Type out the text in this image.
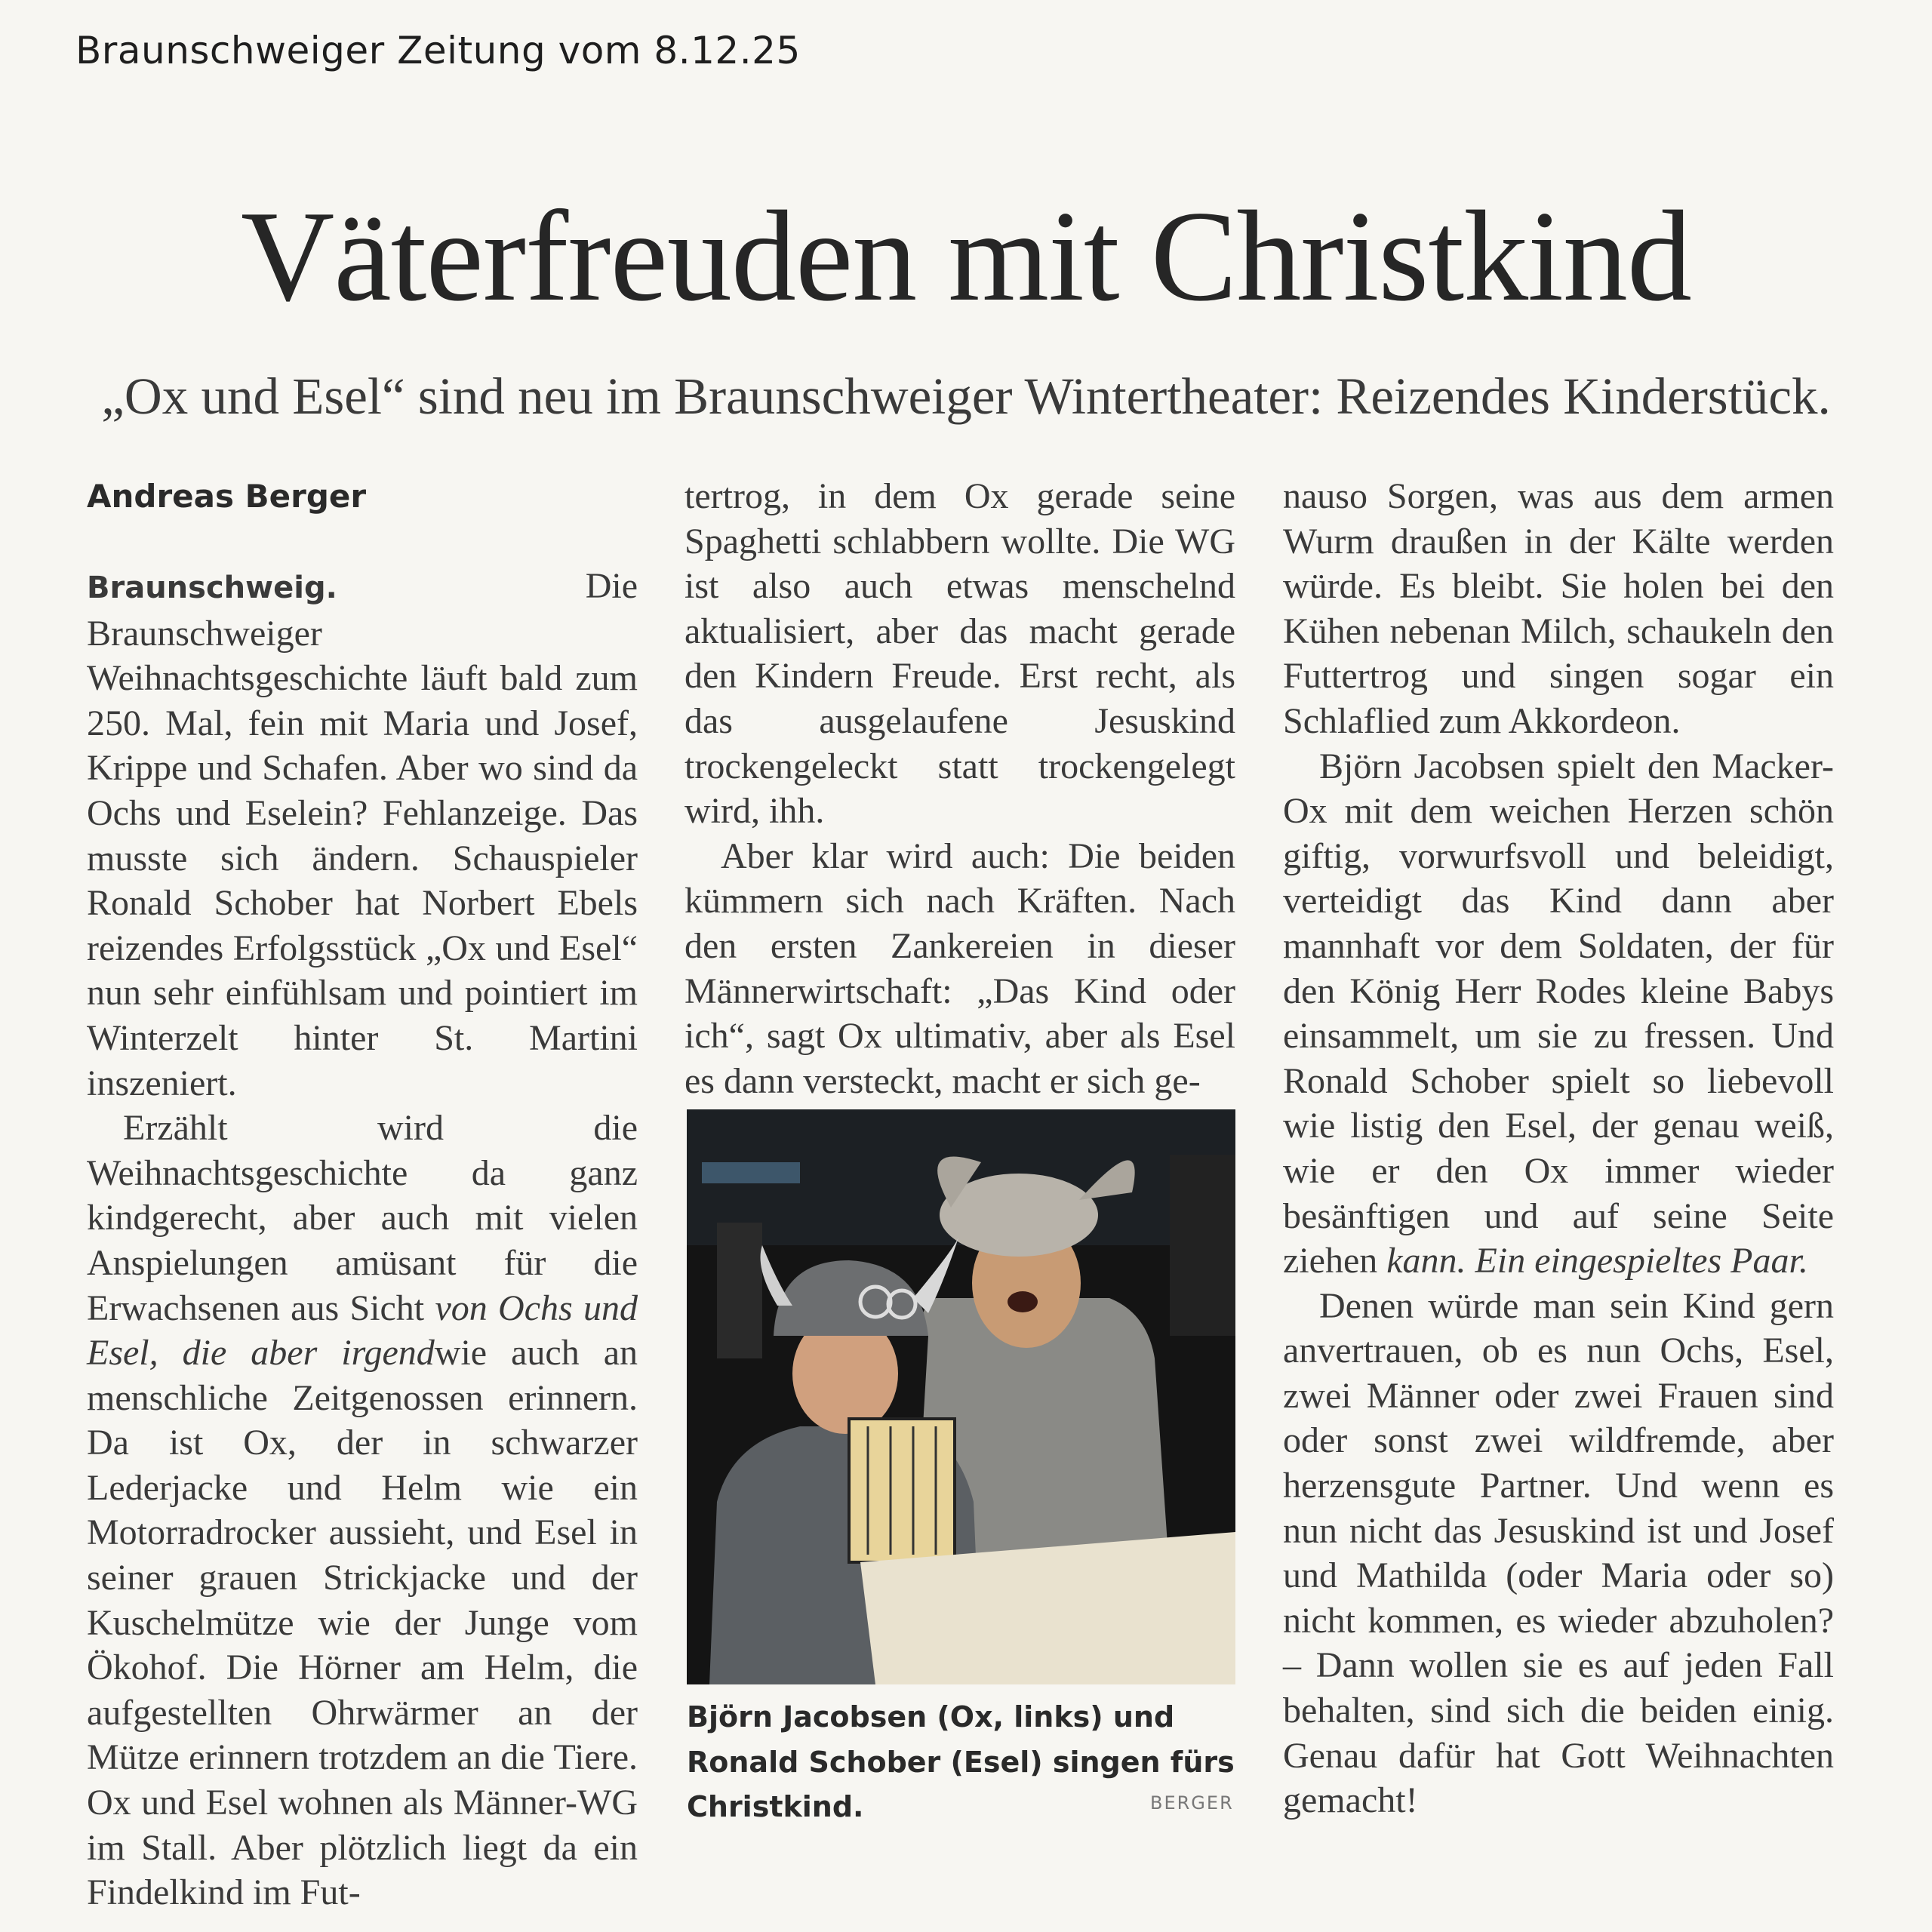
Braunschweiger Zeitung vom 8.12.25
Väterfreuden mit Christkind
„Ox und Esel“ sind neu im Braunschweiger Wintertheater: Reizendes Kinderstück.

Andreas Berger

Braunschweig. Die Braunschweiger Weihnachtsgeschichte läuft bald zum 250. Mal, fein mit Maria und Josef, Krippe und Schafen. Aber wo sind da Ochs und Eselein? Fehlanzeige. Das musste sich ändern. Schauspieler Ronald Schober hat Norbert Ebels reizendes Erfolgsstück „Ox und Esel“ nun sehr einfühlsam und pointiert im Winterzelt hinter St. Martini inszeniert.

Erzählt wird die Weihnachtsgeschichte da ganz kindgerecht, aber auch mit vielen Anspielungen amüsant für die Erwachsenen aus Sicht von Ochs und Esel, die aber irgendwie auch an menschliche Zeitgenossen erinnern. Da ist Ox, der in schwarzer Lederjacke und Helm wie ein Motorradrocker aussieht, und Esel in seiner grauen Strickjacke und der Kuschelmütze wie der Junge vom Ökohof. Die Hörner am Helm, die aufgestellten Ohrwärmer an der Mütze erinnern trotzdem an die Tiere. Ox und Esel wohnen als Männer-WG im Stall. Aber plötzlich liegt da ein Findelkind im Fut-

tertrog, in dem Ox gerade seine Spaghetti schlabbern wollte. Die WG ist also auch etwas menschelnd aktualisiert, aber das macht gerade den Kindern Freude. Erst recht, als das ausgelaufene Jesuskind trockengeleckt statt trockengelegt wird, ihh.

Aber klar wird auch: Die beiden kümmern sich nach Kräften. Nach den ersten Zankereien in dieser Männerwirtschaft: „Das Kind oder ich“, sagt Ox ultimativ, aber als Esel es dann versteckt, macht er sich ge-

Björn Jacobsen (Ox, links) und Ronald Schober (Esel) singen fürs Christkind.	BERGER

nauso Sorgen, was aus dem armen Wurm draußen in der Kälte werden würde. Es bleibt. Sie holen bei den Kühen nebenan Milch, schaukeln den Futtertrog und singen sogar ein Schlaflied zum Akkordeon.

Björn Jacobsen spielt den Macker-Ox mit dem weichen Herzen schön giftig, vorwurfsvoll und beleidigt, verteidigt das Kind dann aber mannhaft vor dem Soldaten, der für den König Herr Rodes kleine Babys einsammelt, um sie zu fressen. Und Ronald Schober spielt so liebevoll wie listig den Esel, der genau weiß, wie er den Ox immer wieder besänftigen und auf seine Seite ziehen kann. Ein eingespieltes Paar.

Denen würde man sein Kind gern anvertrauen, ob es nun Ochs, Esel, zwei Männer oder zwei Frauen sind oder sonst zwei wildfremde, aber herzensgute Partner. Und wenn es nun nicht das Jesuskind ist und Josef und Mathilda (oder Maria oder so) nicht kommen, es wieder abzuholen? – Dann wollen sie es auf jeden Fall behalten, sind sich die beiden einig. Genau dafür hat Gott Weihnachten gemacht!
